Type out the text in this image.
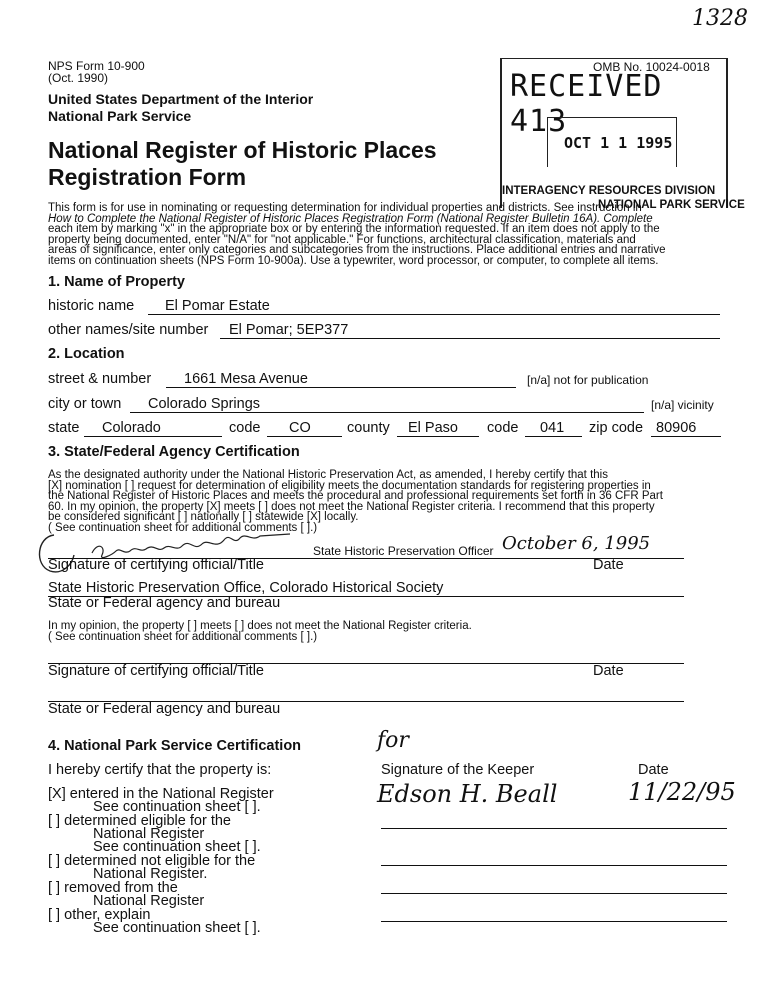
1328
NPS Form 10-900
(Oct. 1990)
OMB No. 10024-0018
United States Department of the Interior
National Park Service
National Register of Historic Places
Registration Form
RECEIVED 413
OCT 1 1 1995
INTERAGENCY RESOURCES DIVISION
NATIONAL PARK SERVICE
This form is for use in nominating or requesting determination for individual properties and districts. See instruction in
How to Complete the National Register of Historic Places Registration Form (National Register Bulletin 16A). Complete
each item by marking "x" in the appropriate box or by entering the information requested. If an item does not apply to the
property being documented, enter "N/A" for "not applicable." For functions, architectural classification, materials and
areas of significance, enter only categories and subcategories from the instructions. Place additional entries and narrative
items on continuation sheets (NPS Form 10-900a). Use a typewriter, word processor, or computer, to complete all items.
1. Name of Property
historic name El Pomar Estate
other names/site number El Pomar; 5EP377
2. Location
street & number 1661 Mesa Avenue	[n/a] not for publication
city or town Colorado Springs	[n/a] vicinity
state Colorado	code CO	county El Paso code 041 zip code 80906
3. State/Federal Agency Certification
As the designated authority under the National Historic Preservation Act, as amended, I hereby certify that this
[X] nomination [ ] request for determination of eligibility meets the documentation standards for registering properties in
the National Register of Historic Places and meets the procedural and professional requirements set forth in 36 CFR Part
60. In my opinion, the property [X] meets [ ] does not meet the National Register criteria. I recommend that this property
be considered significant [ ] nationally [ ] statewide [X] locally.
( See continuation sheet for additional comments [ ].)
State Historic Preservation Officer October 6, 1995
Signature of certifying official/Title	Date
State Historic Preservation Office, Colorado Historical Society
State or Federal agency and bureau
In my opinion, the property [ ] meets [ ] does not meet the National Register criteria.
( See continuation sheet for additional comments [ ].)
Signature of certifying official/Title	Date
State or Federal agency and bureau
4. National Park Service Certification
I hereby certify that the property is:
for
Signature of the Keeper	Date
Edson H. Beall	11/22/95
[X] entered in the National Register
See continuation sheet [ ].
[ ] determined eligible for the
National Register
See continuation sheet [ ].
[ ] determined not eligible for the
National Register.
[ ] removed from the
National Register
[ ] other, explain
See continuation sheet [ ].
